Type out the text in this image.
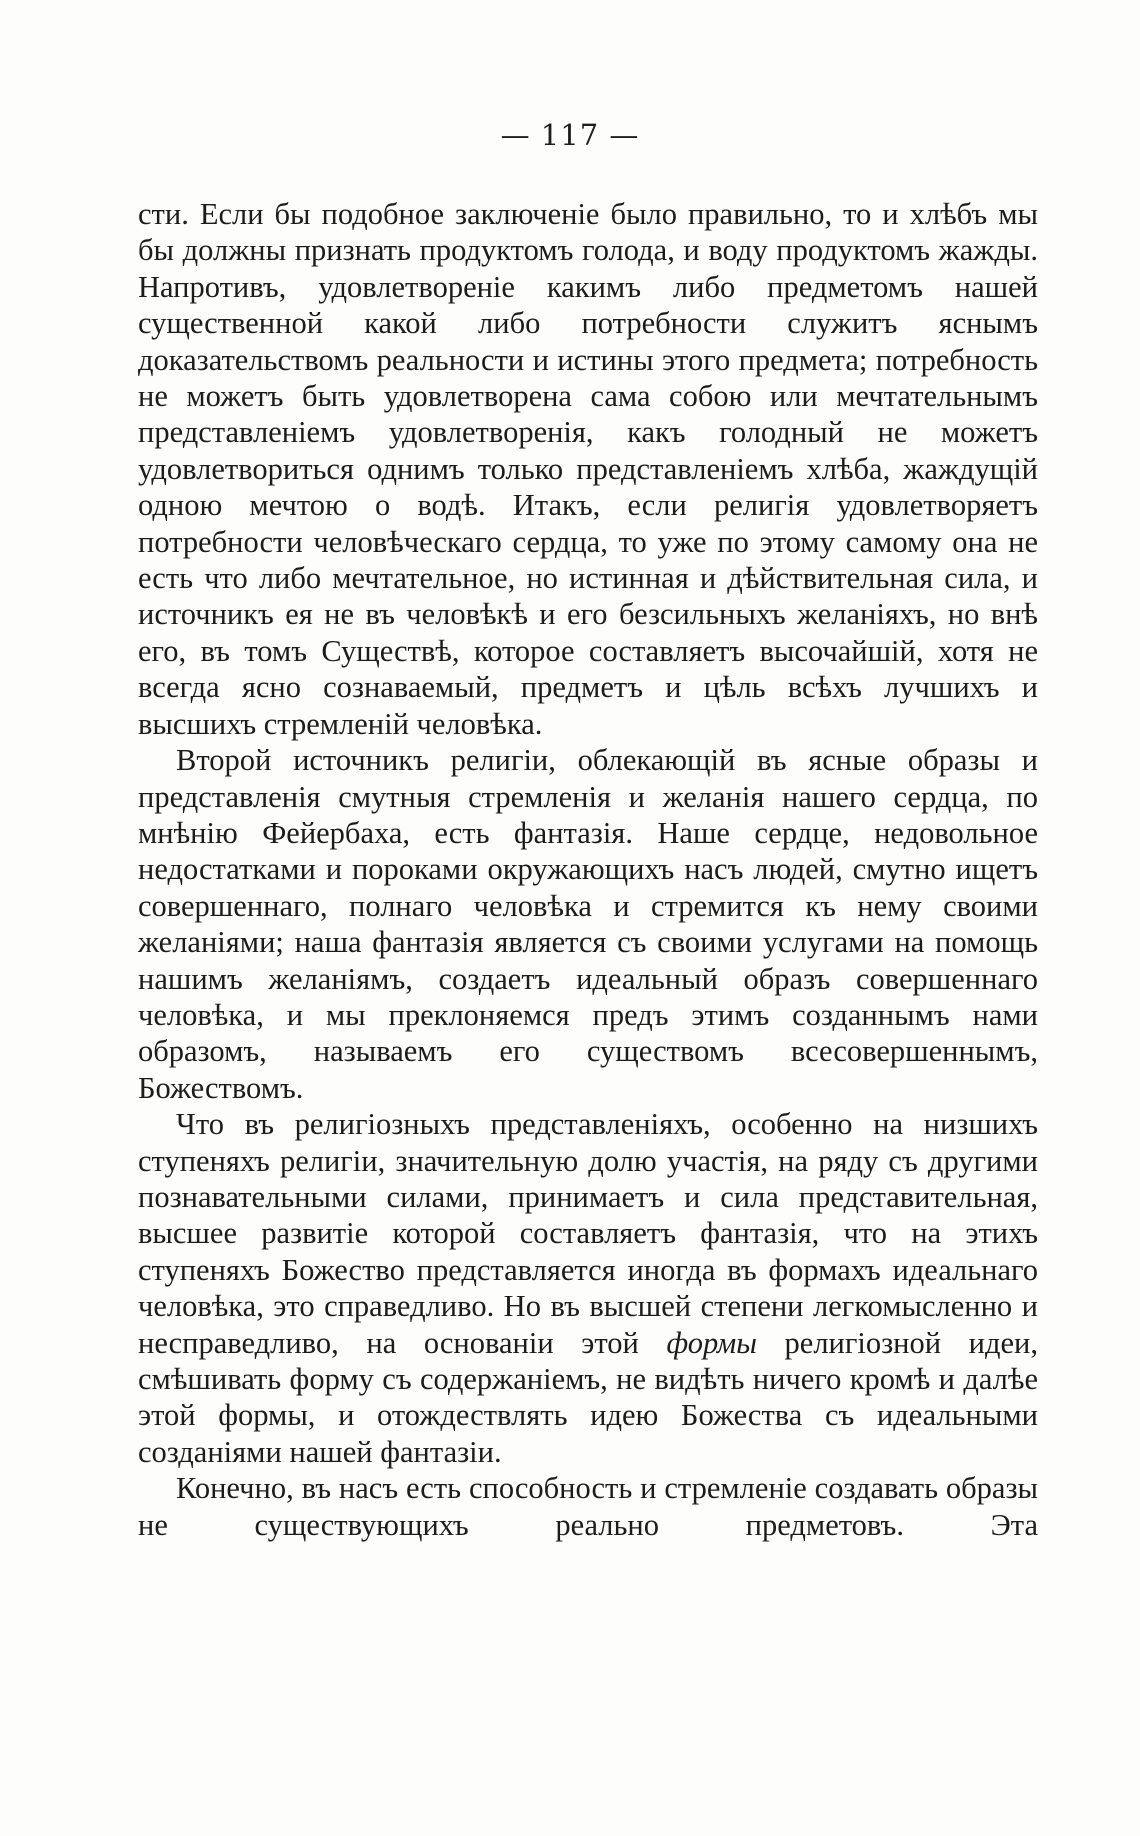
— 117 —

сти. Если бы подобное заключеніе было правильно, то и хлѣбъ мы бы должны признать продуктомъ голода, и воду продуктомъ жажды. Напротивъ, удовлетвореніе какимъ либо предметомъ нашей существенной какой либо потребности служитъ яснымъ доказательствомъ реальности и истины этого предмета; потребность не можетъ быть удовлетворена сама собою или мечтательнымъ представленіемъ удовлетворенія, какъ голодный не можетъ удовлетвориться однимъ только представленіемъ хлѣба, жаждущій одною мечтою о водѣ. Итакъ, если религія удовлетворяетъ потребности человѣческаго сердца, то уже по этому самому она не есть что либо мечтательное, но истинная и дѣйствительная сила, и источникъ ея не въ человѣкѣ и его безсильныхъ желаніяхъ, но внѣ его, въ томъ Существѣ, которое составляетъ высочайшій, хотя не всегда ясно сознаваемый, предметъ и цѣль всѣхъ лучшихъ и высшихъ стремленій человѣка.

Второй источникъ религіи, облекающій въ ясные образы и представленія смутныя стремленія и желанія нашего сердца, по мнѣнію Фейербаха, есть фантазія. Наше сердце, недовольное недостатками и пороками окружающихъ насъ людей, смутно ищетъ совершеннаго, полнаго человѣка и стремится къ нему своими желаніями; наша фантазія является съ своими услугами на помощь нашимъ желаніямъ, создаетъ идеальный образъ совершеннаго человѣка, и мы преклоняемся предъ этимъ созданнымъ нами образомъ, называемъ его существомъ всесовершеннымъ, Божествомъ.

Что въ религіозныхъ представленіяхъ, особенно на низшихъ ступеняхъ религіи, значительную долю участія, на ряду съ другими познавательными силами, принимаетъ и сила представительная, высшее развитіе которой составляетъ фантазія, что на этихъ ступеняхъ Божество представляется иногда въ формахъ идеальнаго человѣка, это справедливо. Но въ высшей степени легкомысленно и несправедливо, на основаніи этой формы религіозной идеи, смѣшивать форму съ содержаніемъ, не видѣть ничего кромѣ и далѣе этой формы, и отождествлять идею Божества съ идеальными созданіями нашей фантазіи.

Конечно, въ насъ есть способность и стремленіе создавать образы не существующихъ реально предметовъ. Эта
